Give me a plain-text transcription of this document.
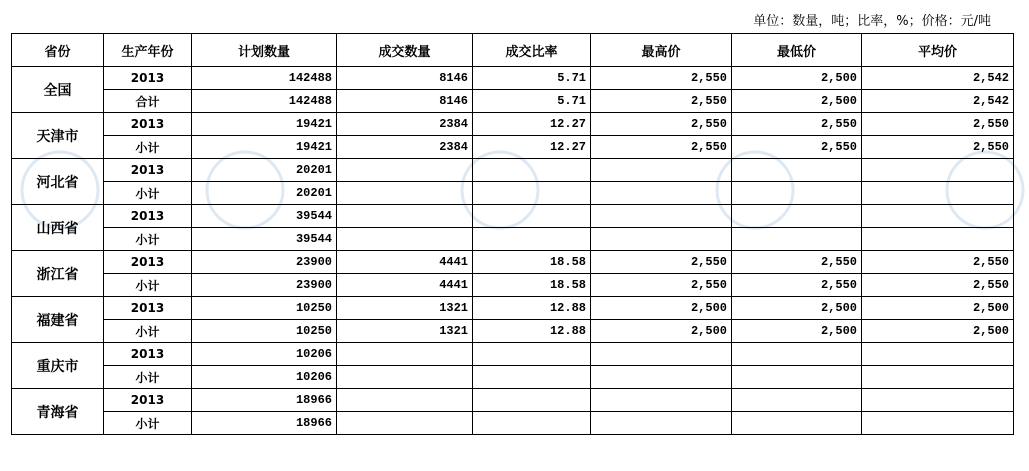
单位：数量，吨；比率，%；价格：元/吨
省份	生产年份	计划数量	成交数量	成交比率	最高价	最低价	平均价
全国	2013	142488	8146	5.71	2,550	2,500	2,542
	合计	142488	8146	5.71	2,550	2,500	2,542
天津市	2013	19421	2384	12.27	2,550	2,550	2,550
	小计	19421	2384	12.27	2,550	2,550	2,550
河北省	2013	20201					
	小计	20201					
山西省	2013	39544					
	小计	39544					
浙江省	2013	23900	4441	18.58	2,550	2,550	2,550
	小计	23900	4441	18.58	2,550	2,550	2,550
福建省	2013	10250	1321	12.88	2,500	2,500	2,500
	小计	10250	1321	12.88	2,500	2,500	2,500
重庆市	2013	10206					
	小计	10206					
青海省	2013	18966					
	小计	18966					
